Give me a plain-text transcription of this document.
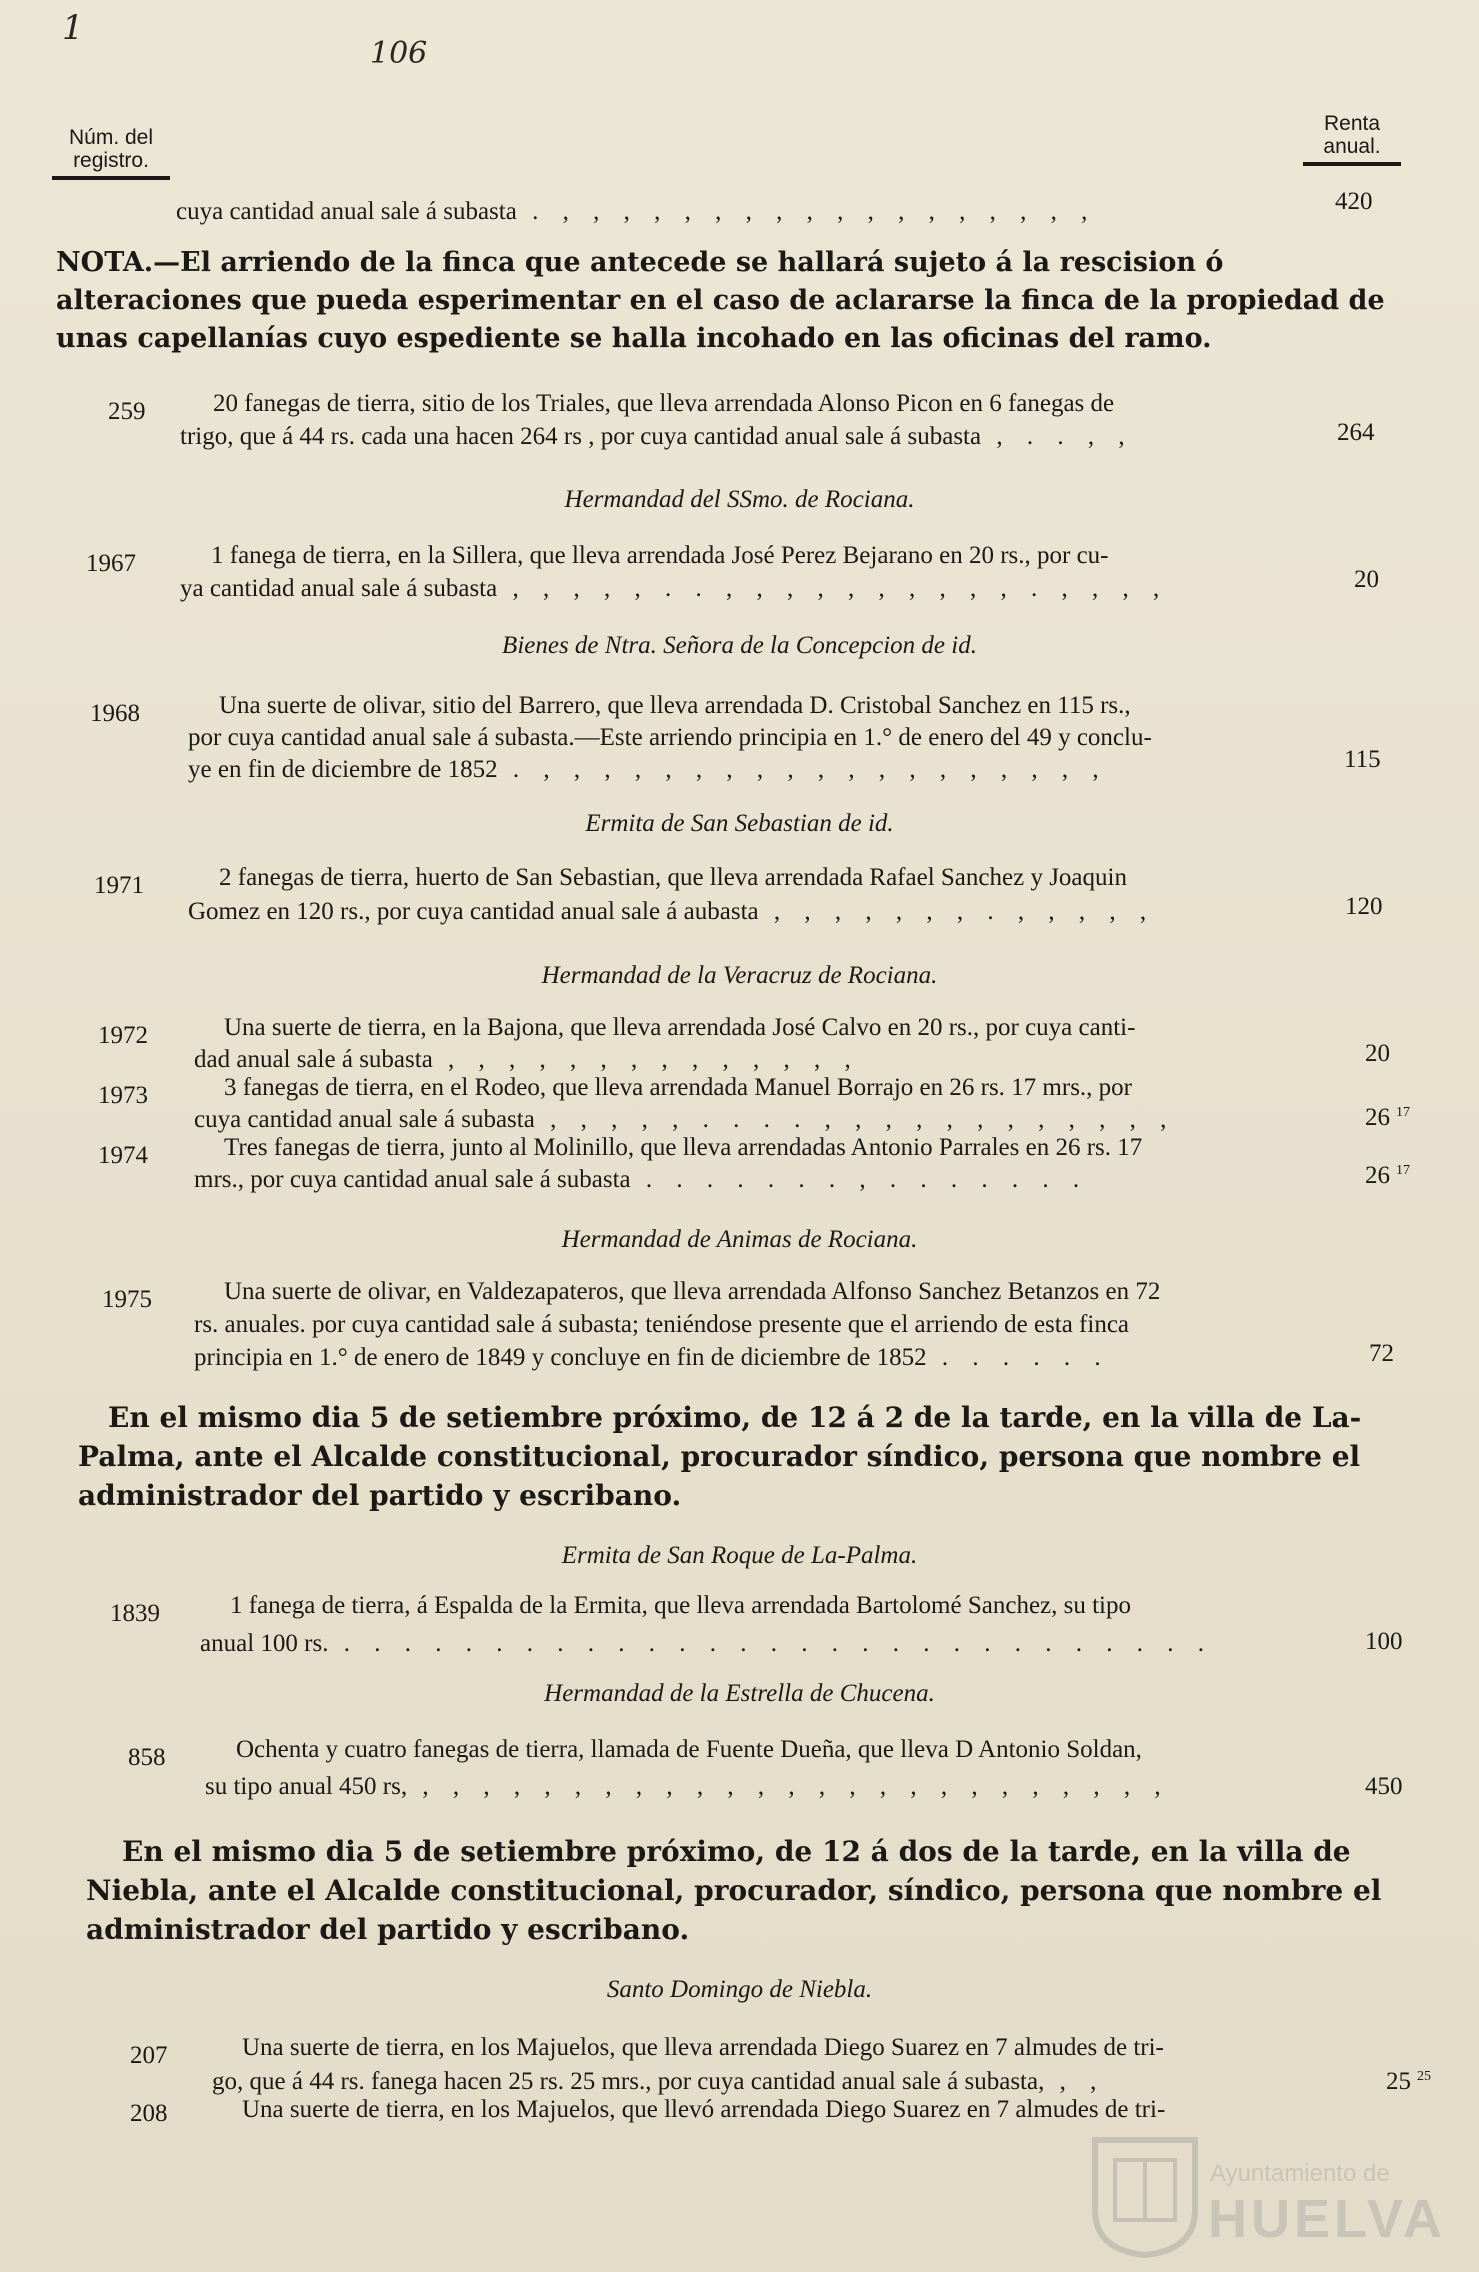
1
106
Núm. del registro.
Renta anual.
cuya cantidad anual sale á subasta . , , , , , , , , , , , , , , , , , ,	420
NOTA.—El arriendo de la finca que antecede se hallará sujeto á la rescision ó alteraciones que pueda esperimentar en el caso de aclararse la finca de la propiedad de unas capellanías cuyo espediente se halla incohado en las oficinas del ramo.
259	20 fanegas de tierra, sitio de los Triales, que lleva arrendada Alonso Picon en 6 fanegas de
trigo, que á 44 rs. cada una hacen 264 rs , por cuya cantidad anual sale á subasta , . . , ,	264
Hermandad del SSmo. de Rociana.
1967	1 fanega de tierra, en la Sillera, que lleva arrendada José Perez Bejarano en 20 rs., por cu-
ya cantidad anual sale á subasta , , , , , . . , , , , , , , , , , . , , , ,	20
Bienes de Ntra. Señora de la Concepcion de id.
1968	Una suerte de olivar, sitio del Barrero, que lleva arrendada D. Cristobal Sanchez en 115 rs.,
por cuya cantidad anual sale á subasta.—Este arriendo principia en 1.° de enero del 49 y conclu-
ye en fin de diciembre de 1852 . , , , , , , , , , , , , , , , , , , ,	115
Ermita de San Sebastian de id.
1971	2 fanegas de tierra, huerto de San Sebastian, que lleva arrendada Rafael Sanchez y Joaquin
Gomez en 120 rs., por cuya cantidad anual sale á aubasta , , , , , , , . , , , , ,	120
Hermandad de la Veracruz de Rociana.
1972	Una suerte de tierra, en la Bajona, que lleva arrendada José Calvo en 20 rs., por cuya canti-
dad anual sale á subasta , , , , , , , , , , , , , ,	20
1973	3 fanegas de tierra, en el Rodeo, que lleva arrendada Manuel Borrajo en 26 rs. 17 mrs., por
cuya cantidad anual sale á subasta , , , , , . . . . , , , , , , , , , , , ,	26 $^{17}$
1974	Tres fanegas de tierra, junto al Molinillo, que lleva arrendadas Antonio Parrales en 26 rs. 17
mrs., por cuya cantidad anual sale á subasta . . . . . . . , . . . . . . .	26 $^{17}$
Hermandad de Animas de Rociana.
1975	Una suerte de olivar, en Valdezapateros, que lleva arrendada Alfonso Sanchez Betanzos en 72
rs. anuales. por cuya cantidad sale á subasta; teniéndose presente que el arriendo de esta finca
principia en 1.° de enero de 1849 y concluye en fin de diciembre de 1852 . . . . . .	72
En el mismo dia 5 de setiembre próximo, de 12 á 2 de la tarde, en la villa de La-
Palma, ante el Alcalde constitucional, procurador síndico, persona que nombre el
administrador del partido y escribano.
Ermita de San Roque de La-Palma.
1839	1 fanega de tierra, á Espalda de la Ermita, que lleva arrendada Bartolomé Sanchez, su tipo
anual 100 rs. . . . . . . . . . . . . . . . . . . . . . . . . . . . . .	100
Hermandad de la Estrella de Chucena.
858	Ochenta y cuatro fanegas de tierra, llamada de Fuente Dueña, que lleva D Antonio Soldan,
su tipo anual 450 rs, , , , , , , , , , , , , , , , , , , , , , , , , ,	450
En el mismo dia 5 de setiembre próximo, de 12 á dos de la tarde, en la villa de
Niebla, ante el Alcalde constitucional, procurador, síndico, persona que nombre el
administrador del partido y escribano.
Santo Domingo de Niebla.
207	Una suerte de tierra, en los Majuelos, que lleva arrendada Diego Suarez en 7 almudes de tri-
go, que á 44 rs. fanega hacen 25 rs. 25 mrs., por cuya cantidad anual sale á subasta, , ,	25 $^{25}$
208	Una suerte de tierra, en los Majuelos, que llevó arrendada Diego Suarez en 7 almudes de tri-
Ayuntamiento de
HUELVA
